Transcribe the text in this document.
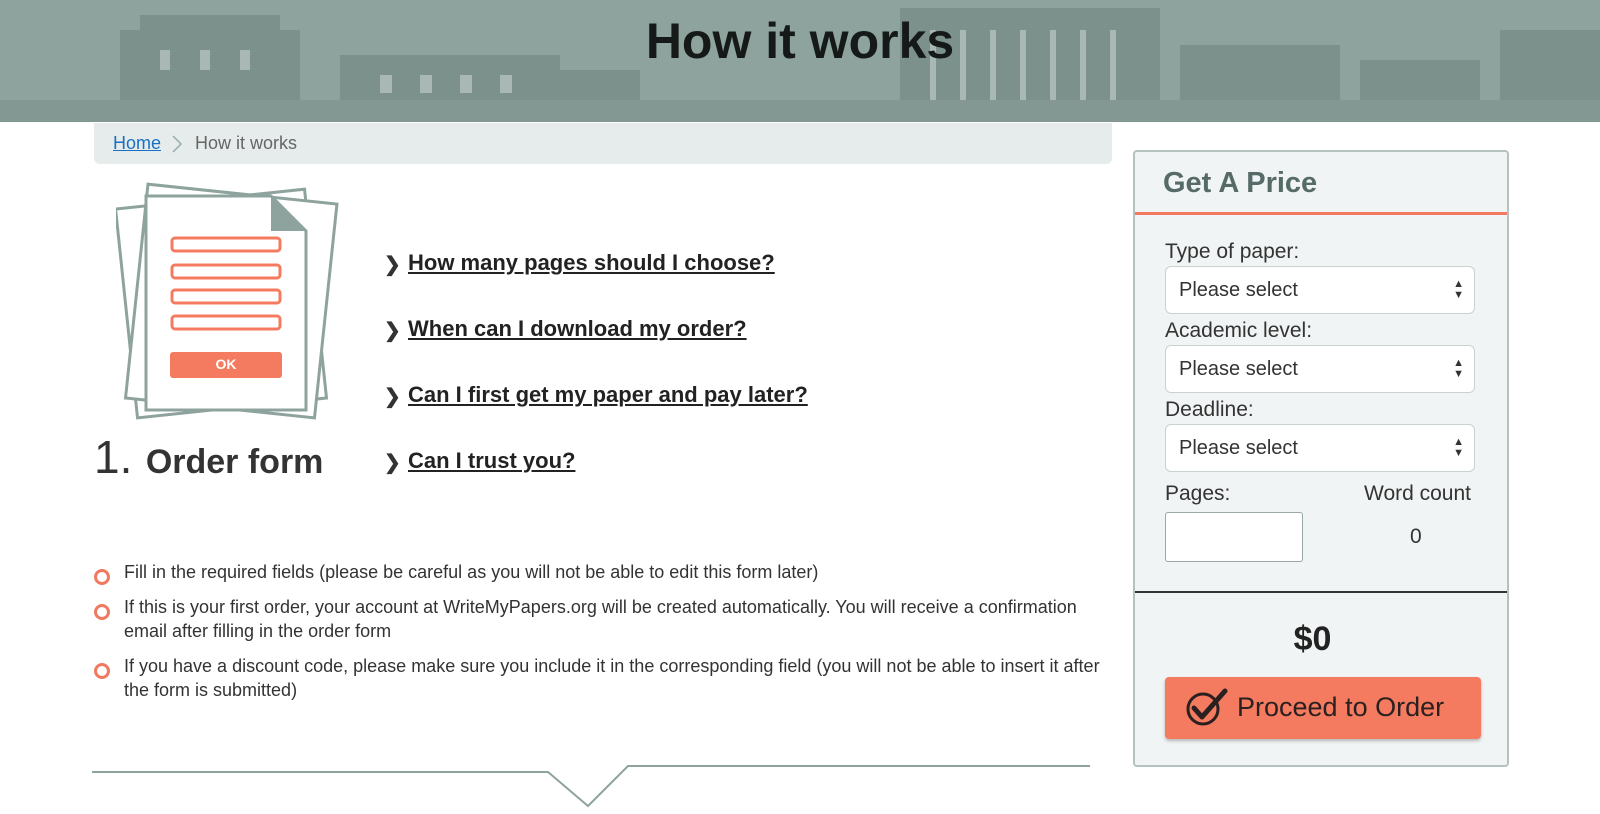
How it works
Home How it works
OK
1. Order form
❯ How many pages should I choose?
❯ When can I download my order?
❯ Can I first get my paper and pay later?
❯ Can I trust you?
Fill in the required fields (please be careful as you will not be able to edit this form later)
If this is your first order, your account at WriteMyPapers.org will be created automatically. You will receive a confirmation email after filling in the order form
If you have a discount code, please make sure you include it in the corresponding field (you will not be able to insert it after the form is submitted)
Get A Price
Type of paper:
Please select	▲
▼
Academic level:
Please select	▲
▼
Deadline:
Please select	▲
▼
Pages:	Word count
0
$0
Proceed to Order
